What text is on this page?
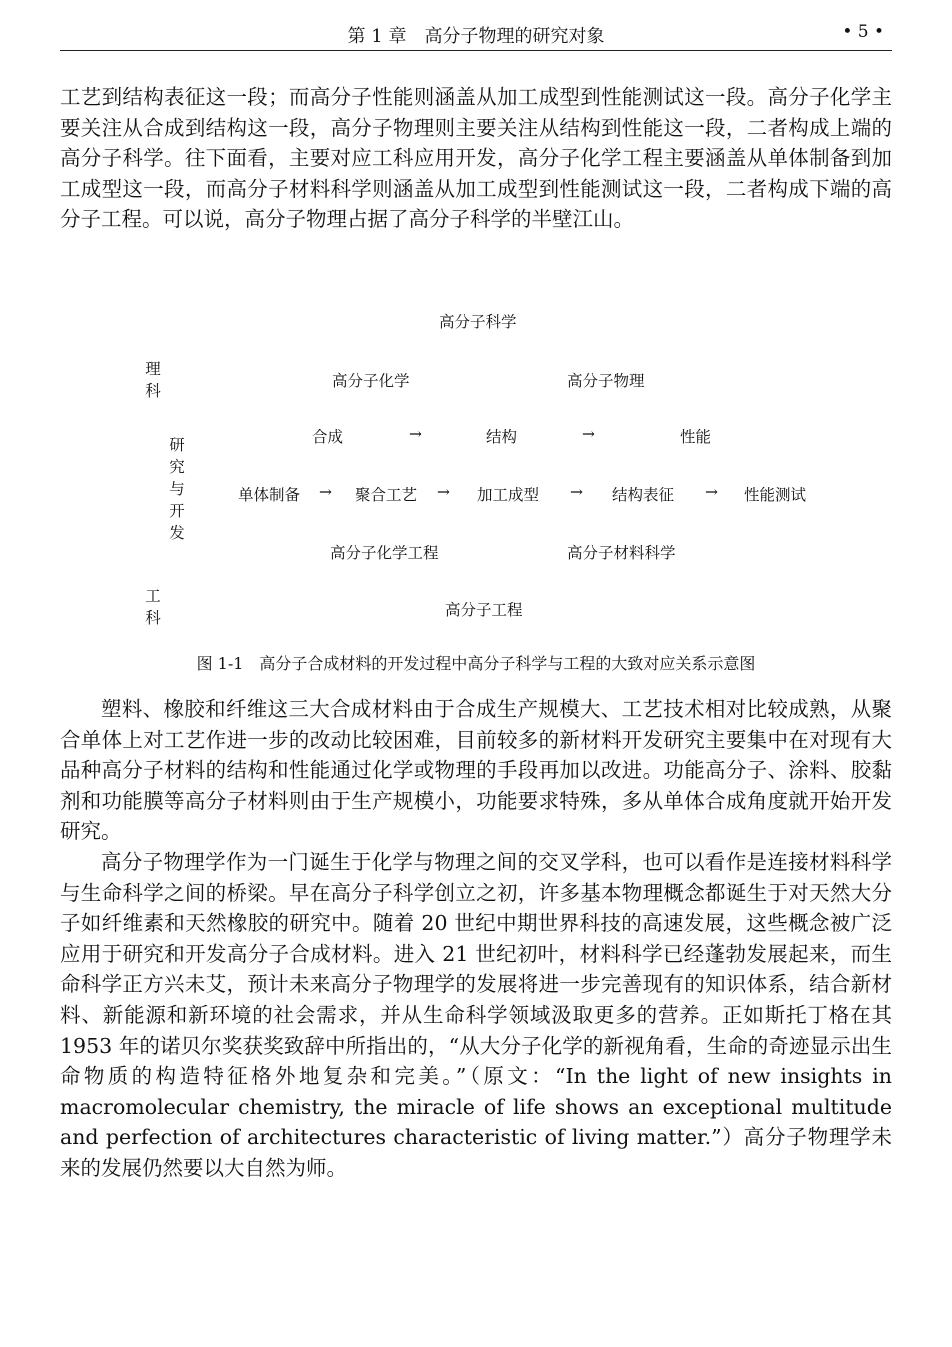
第 1 章　高分子物理的研究对象	• 5 •

工艺到结构表征这一段；而高分子性能则涵盖从加工成型到性能测试这一段。高分子化学主要关注从合成到结构这一段，高分子物理则主要关注从结构到性能这一段，二者构成上端的高分子科学。往下面看，主要对应工科应用开发，高分子化学工程主要涵盖从单体制备到加工成型这一段，而高分子材料科学则涵盖从加工成型到性能测试这一段，二者构成下端的高分子工程。可以说，高分子物理占据了高分子科学的半壁江山。

高分子科学
理科
研究与开发
工科
高分子化学	高分子物理
合成	→	结构	→	性能
单体制备 → 聚合工艺 → 加工成型 → 结构表征 → 性能测试
高分子化学工程	高分子材料科学
高分子工程
图 1-1　高分子合成材料的开发过程中高分子科学与工程的大致对应关系示意图

塑料、橡胶和纤维这三大合成材料由于合成生产规模大、工艺技术相对比较成熟，从聚合单体上对工艺作进一步的改动比较困难，目前较多的新材料开发研究主要集中在对现有大品种高分子材料的结构和性能通过化学或物理的手段再加以改进。功能高分子、涂料、胶黏剂和功能膜等高分子材料则由于生产规模小，功能要求特殊，多从单体合成角度就开始开发研究。

高分子物理学作为一门诞生于化学与物理之间的交叉学科，也可以看作是连接材料科学与生命科学之间的桥梁。早在高分子科学创立之初，许多基本物理概念都诞生于对天然大分子如纤维素和天然橡胶的研究中。随着 20 世纪中期世界科技的高速发展，这些概念被广泛应用于研究和开发高分子合成材料。进入 21 世纪初叶，材料科学已经蓬勃发展起来，而生命科学正方兴未艾，预计未来高分子物理学的发展将进一步完善现有的知识体系，结合新材料、新能源和新环境的社会需求，并从生命科学领域汲取更多的营养。正如斯托丁格在其 1953 年的诺贝尔奖获奖致辞中所指出的，“从大分子化学的新视角看，生命的奇迹显示出生命物质的构造特征格外地复杂和完美。”（原文：“In the light of new insights in macromolecular chemistry, the miracle of life shows an exceptional multitude and perfection of architectures characteristic of living matter.”）高分子物理学未来的发展仍然要以大自然为师。
